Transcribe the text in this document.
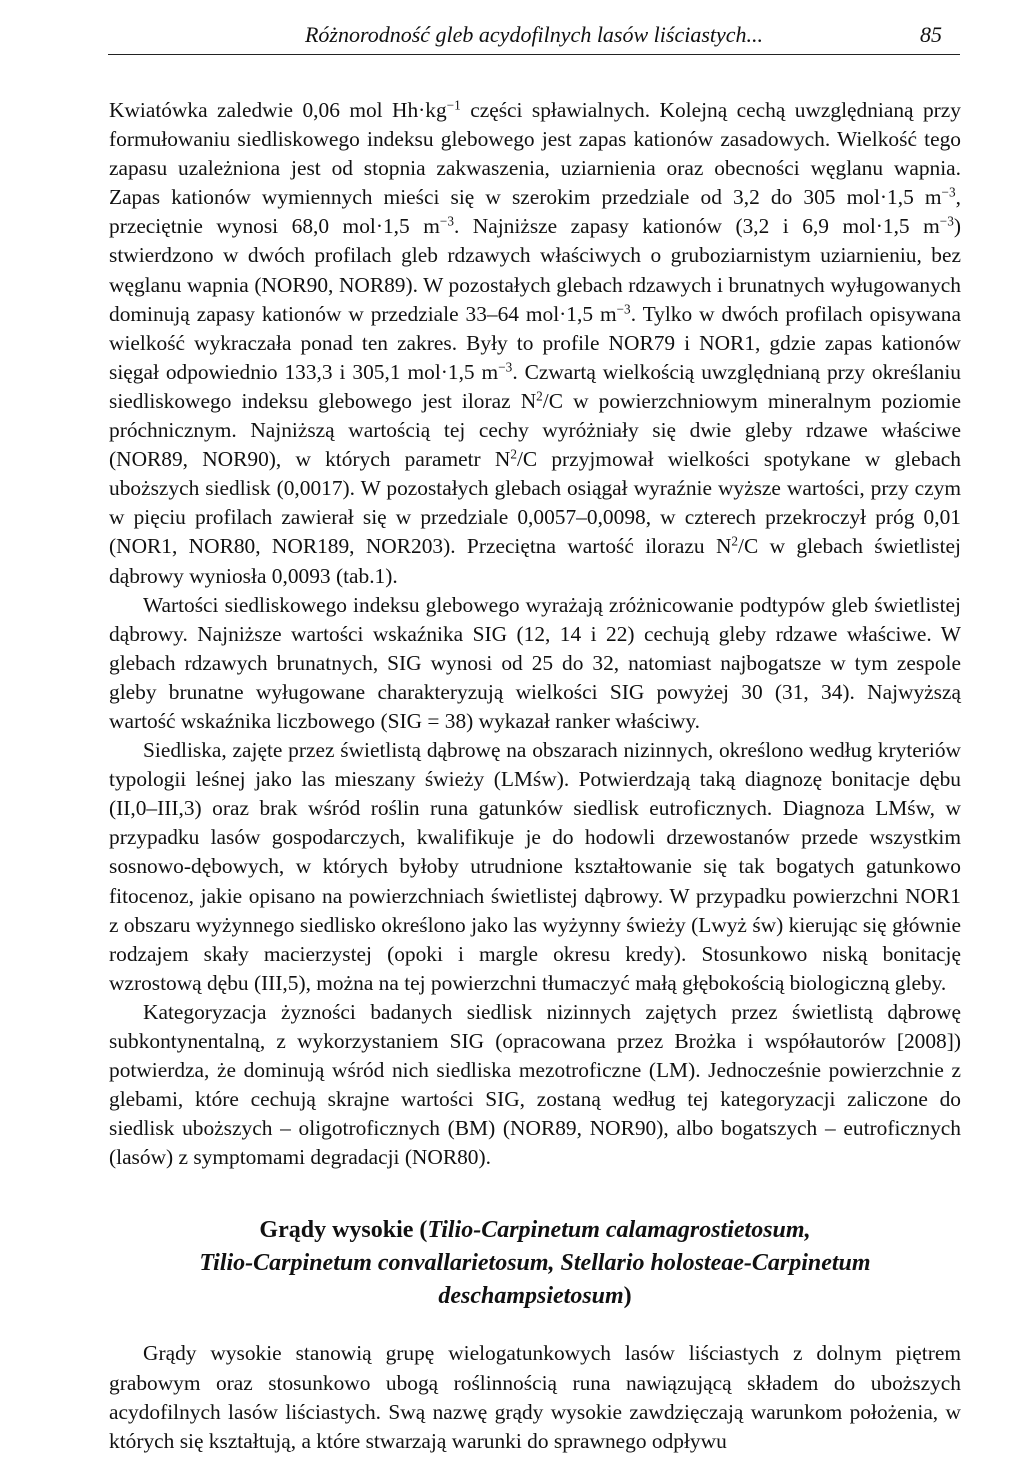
Różnorodność gleb acydofilnych lasów liściastych...	85

Kwiatówka zaledwie 0,06 mol $Hh\cdot kg^{-1}$ części spławialnych. Kolejną cechą uwzględnianą przy formułowaniu siedliskowego indeksu glebowego jest zapas kationów zasadowych. Wielkość tego zapasu uzależniona jest od stopnia zakwaszenia, uziarnienia oraz obecności węglanu wapnia. Zapas kationów wymiennych mieści się w szerokim przedziale od 3,2 do 305 mol·1,5 $m^{-3}$, przeciętnie wynosi 68,0 mol·1,5 $m^{-3}$. Najniższe zapasy kationów (3,2 i 6,9 mol·1,5 $m^{-3}$) stwierdzono w dwóch profilach gleb rdzawych właściwych o gruboziarnistym uziarnieniu, bez węglanu wapnia (NOR90, NOR89). W pozostałych glebach rdzawych i brunatnych wyługowanych dominują zapasy kationów w przedziale 33–64 mol·1,5 $m^{-3}$. Tylko w dwóch profilach opisywana wielkość wykraczała ponad ten zakres. Były to profile NOR79 i NOR1, gdzie zapas kationów sięgał odpowiednio 133,3 i 305,1 mol·1,5 $m^{-3}$. Czwartą wielkością uwzględnianą przy określaniu siedliskowego indeksu glebowego jest iloraz $N^2/C$ w powierzchniowym mineralnym poziomie próchnicznym. Najniższą wartością tej cechy wyróżniały się dwie gleby rdzawe właściwe (NOR89, NOR90), w których parametr $N^2/C$ przyjmował wielkości spotykane w glebach uboższych siedlisk (0,0017). W pozostałych glebach osiągał wyraźnie wyższe wartości, przy czym w pięciu profilach zawierał się w przedziale 0,0057–0,0098, w czterech przekroczył próg 0,01 (NOR1, NOR80, NOR189, NOR203). Przeciętna wartość ilorazu $N^2/C$ w glebach świetlistej dąbrowy wyniosła 0,0093 (tab.1).

Wartości siedliskowego indeksu glebowego wyrażają zróżnicowanie podtypów gleb świetlistej dąbrowy. Najniższe wartości wskaźnika SIG (12, 14 i 22) cechują gleby rdzawe właściwe. W glebach rdzawych brunatnych, SIG wynosi od 25 do 32, natomiast najbogatsze w tym zespole gleby brunatne wyługowane charakteryzują wielkości SIG powyżej 30 (31, 34). Najwyższą wartość wskaźnika liczbowego (SIG = 38) wykazał ranker właściwy.

Siedliska, zajęte przez świetlistą dąbrowę na obszarach nizinnych, określono według kryteriów typologii leśnej jako las mieszany świeży (LMśw). Potwierdzają taką diagnozę bonitacje dębu (II,0–III,3) oraz brak wśród roślin runa gatunków siedlisk eutroficznych. Diagnoza LMśw, w przypadku lasów gospodarczych, kwalifikuje je do hodowli drzewostanów przede wszystkim sosnowo-dębowych, w których byłoby utrudnione kształtowanie się tak bogatych gatunkowo fitocenoz, jakie opisano na powierzchniach świetlistej dąbrowy. W przypadku powierzchni NOR1 z obszaru wyżynnego siedlisko określono jako las wyżynny świeży (Lwyż św) kierując się głównie rodzajem skały macierzystej (opoki i margle okresu kredy). Stosunkowo niską bonitację wzrostową dębu (III,5), można na tej powierzchni tłumaczyć małą głębokością biologiczną gleby.

Kategoryzacja żyzności badanych siedlisk nizinnych zajętych przez świetlistą dąbrowę subkontynentalną, z wykorzystaniem SIG (opracowana przez Brożka i współautorów [2008]) potwierdza, że dominują wśród nich siedliska mezotroficzne (LM). Jednocześnie powierzchnie z glebami, które cechują skrajne wartości SIG, zostaną według tej kategoryzacji zaliczone do siedlisk uboższych – oligotroficznych (BM) (NOR89, NOR90), albo bogatszych – eutroficznych (lasów) z symptomami degradacji (NOR80).

Grądy wysokie (Tilio-Carpinetum calamagrostietosum,
Tilio-Carpinetum convallarietosum, Stellario holosteae-Carpinetum
deschampsietosum)

Grądy wysokie stanowią grupę wielogatunkowych lasów liściastych z dolnym piętrem grabowym oraz stosunkowo ubogą roślinnością runa nawiązującą składem do uboższych acydofilnych lasów liściastych. Swą nazwę grądy wysokie zawdzięczają warunkom położenia, w których się kształtują, a które stwarzają warunki do sprawnego odpływu
